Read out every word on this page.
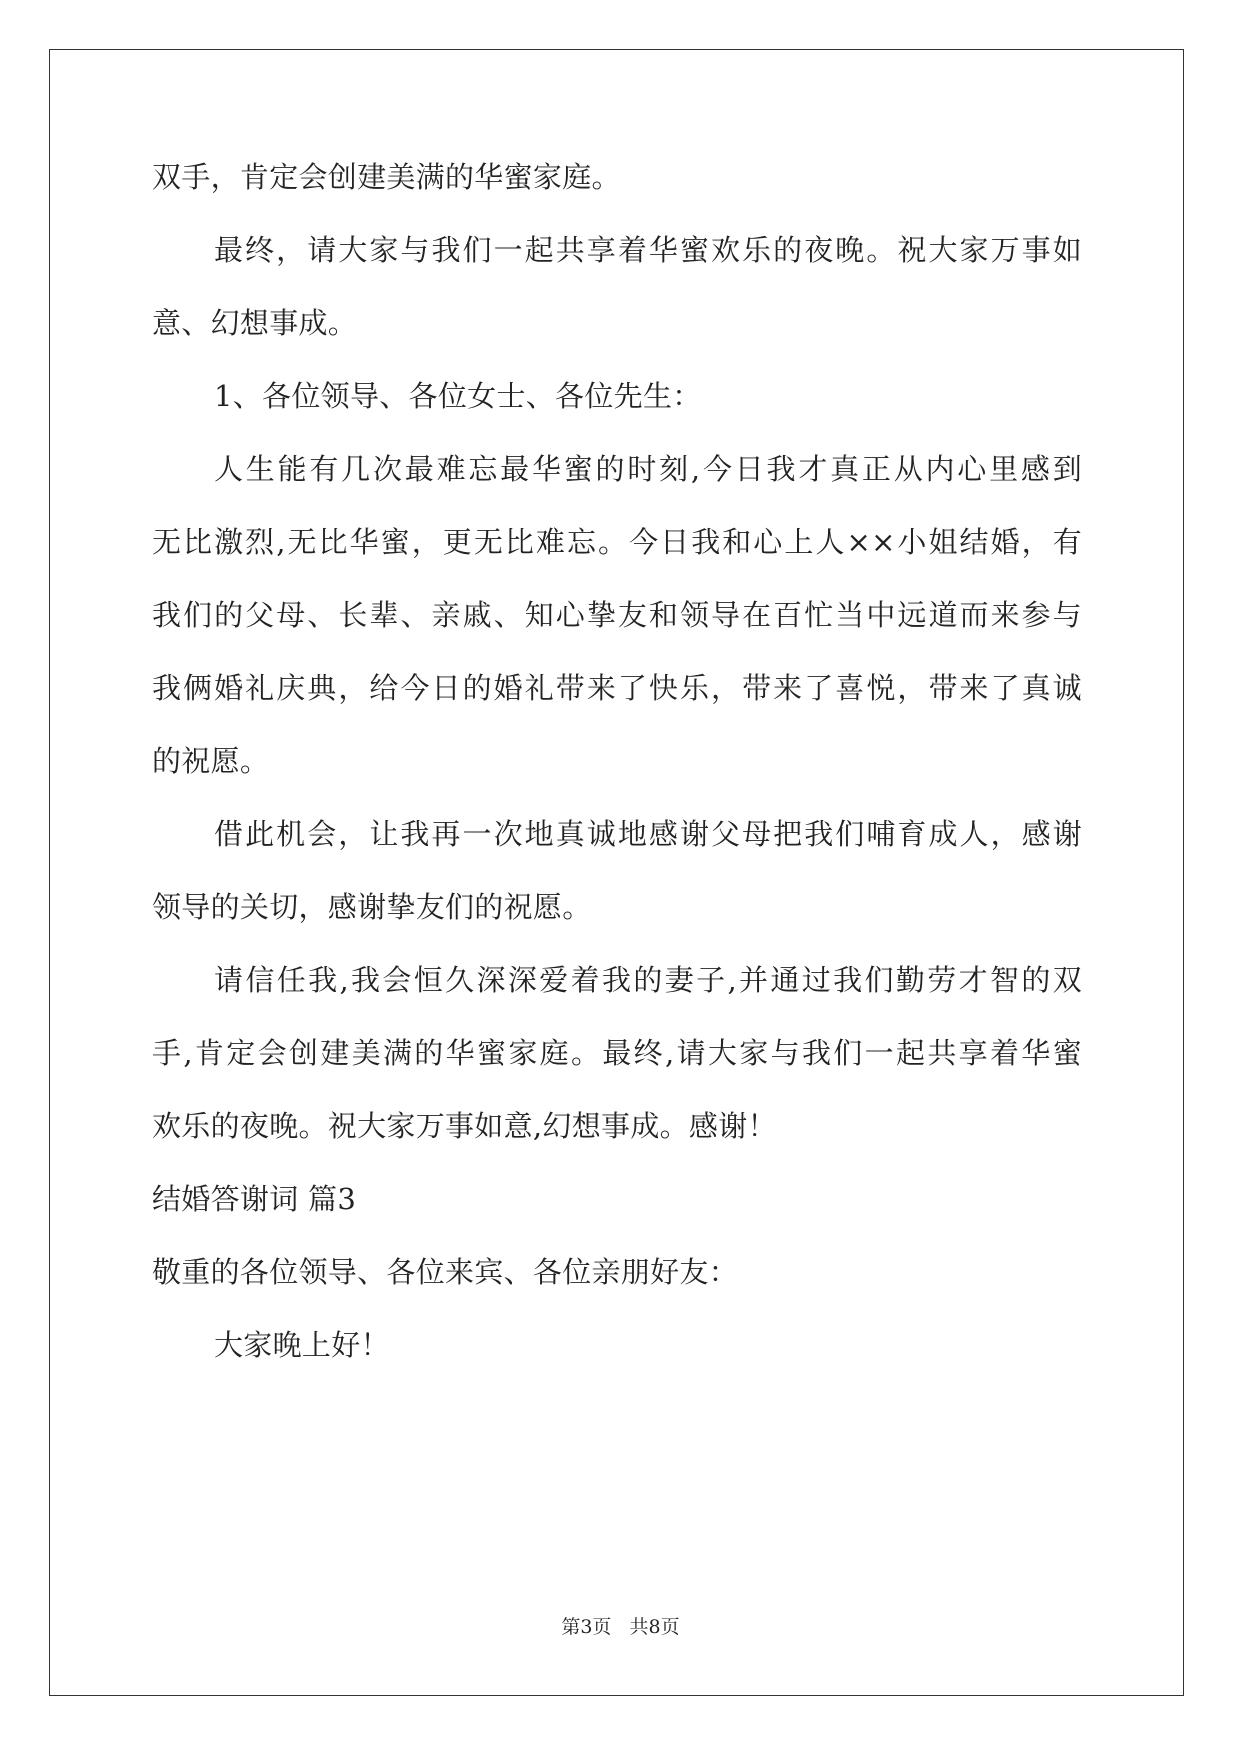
双手，肯定会创建美满的华蜜家庭。
最终，请大家与我们一起共享着华蜜欢乐的夜晚。祝大家万事如
意、幻想事成。
1、各位领导、各位女士、各位先生：
人生能有几次最难忘最华蜜的时刻,今日我才真正从内心里感到
无比激烈,无比华蜜，更无比难忘。今日我和心上人××小姐结婚，有
我们的父母、长辈、亲戚、知心挚友和领导在百忙当中远道而来参与
我俩婚礼庆典，给今日的婚礼带来了快乐，带来了喜悦，带来了真诚
的祝愿。
借此机会，让我再一次地真诚地感谢父母把我们哺育成人，感谢
领导的关切，感谢挚友们的祝愿。
请信任我,我会恒久深深爱着我的妻子,并通过我们勤劳才智的双
手,肯定会创建美满的华蜜家庭。最终,请大家与我们一起共享着华蜜
欢乐的夜晚。祝大家万事如意,幻想事成。感谢！
结婚答谢词 篇3
敬重的各位领导、各位来宾、各位亲朋好友：
大家晚上好！
第3页   共8页
